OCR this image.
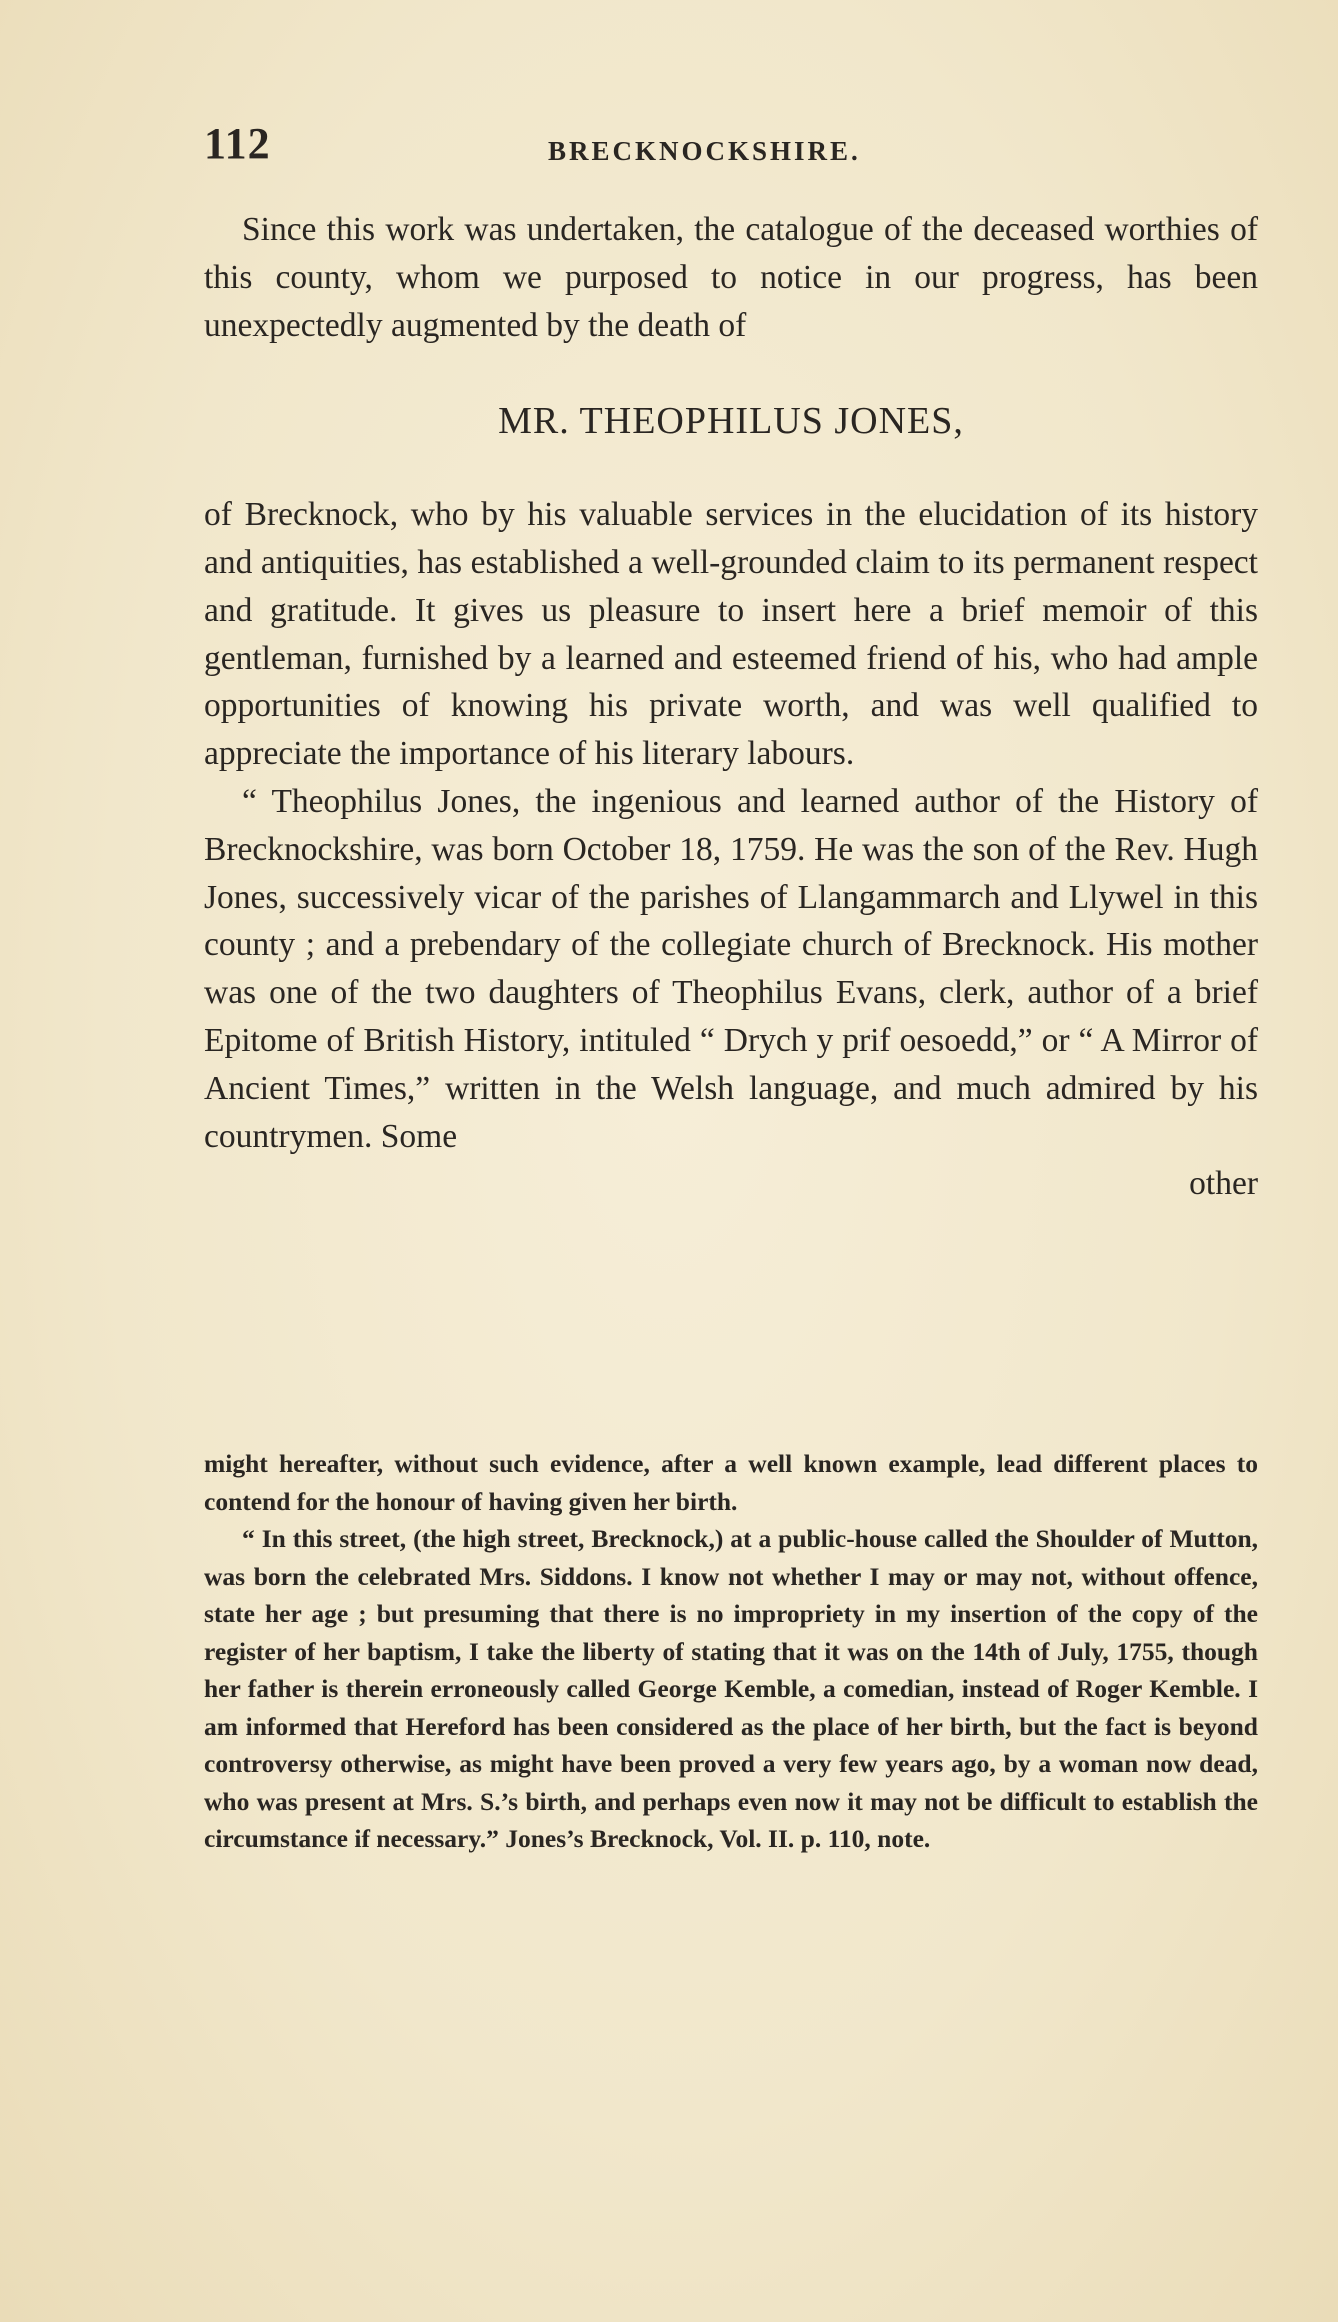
112	BRECKNOCKSHIRE.

Since this work was undertaken, the catalogue of the deceased worthies of this county, whom we purposed to notice in our progress, has been unexpectedly augmented by the death of

MR. THEOPHILUS JONES,

of Brecknock, who by his valuable services in the elucidation of its history and antiquities, has established a well-grounded claim to its permanent respect and gratitude. It gives us pleasure to insert here a brief memoir of this gentleman, furnished by a learned and esteemed friend of his, who had ample opportunities of knowing his private worth, and was well qualified to appreciate the importance of his literary labours.

“ Theophilus Jones, the ingenious and learned author of the History of Brecknockshire, was born October 18, 1759. He was the son of the Rev. Hugh Jones, successively vicar of the parishes of Llangammarch and Llywel in this county ; and a prebendary of the collegiate church of Brecknock. His mother was one of the two daughters of Theophilus Evans, clerk, author of a brief Epitome of British History, intituled “ Drych y prif oesoedd,” or “ A Mirror of Ancient Times,” written in the Welsh language, and much admired by his countrymen. Some

other

might hereafter, without such evidence, after a well known example, lead different places to contend for the honour of having given her birth.

“ In this street, (the high street, Brecknock,) at a public-house called the Shoulder of Mutton, was born the celebrated Mrs. Siddons. I know not whether I may or may not, without offence, state her age ; but presuming that there is no impropriety in my insertion of the copy of the register of her baptism, I take the liberty of stating that it was on the 14th of July, 1755, though her father is therein erroneously called George Kemble, a comedian, instead of Roger Kemble. I am informed that Hereford has been considered as the place of her birth, but the fact is beyond controversy otherwise, as might have been proved a very few years ago, by a woman now dead, who was present at Mrs. S.’s birth, and perhaps even now it may not be difficult to establish the circumstance if necessary.” Jones’s Brecknock, Vol. II. p. 110, note.
